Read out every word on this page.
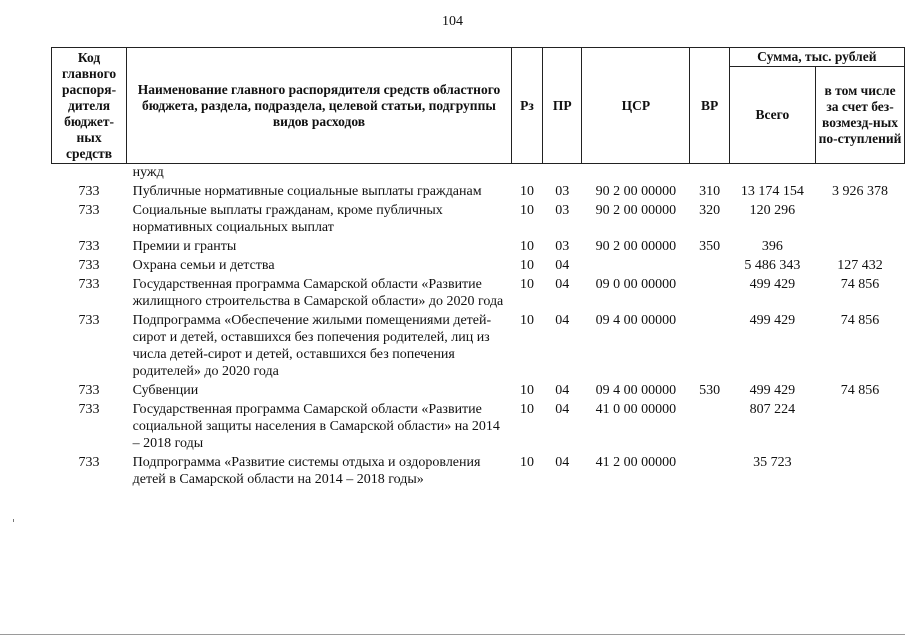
104
Код главного распоря-дителя бюджет-ных средств	Наименование главного распорядителя средств областного бюджета, раздела, подраздела, целевой статьи, подгруппы видов расходов	Рз	ПР	ЦСР	ВР	Сумма, тыс. рублей	
						Всего	в том числе за счет без-возмезд-ных по-ступлений
	нужд						
733	Публичные нормативные социальные выплаты гражданам	10	03	90 2 00 00000	310	13 174 154	3 926 378
733	Социальные выплаты гражданам, кроме публичных нормативных социальных выплат	10	03	90 2 00 00000	320	120 296	
733	Премии и гранты	10	03	90 2 00 00000	350	396	
733	Охрана семьи и детства	10	04			5 486 343	127 432
733	Государственная программа Самарской области «Развитие жилищного строительства в Самарской области» до 2020 года	10	04	09 0 00 00000		499 429	74 856
733	Подпрограмма «Обеспечение жилыми помещениями детей-сирот и детей, оставшихся без попечения родителей, лиц из числа детей-сирот и детей, оставшихся без попечения родителей» до 2020 года	10	04	09 4 00 00000		499 429	74 856
733	Субвенции	10	04	09 4 00 00000	530	499 429	74 856
733	Государственная программа Самарской области «Развитие социальной защиты населения в Самарской области» на 2014 – 2018 годы	10	04	41 0 00 00000		807 224	
733	Подпрограмма «Развитие системы отдыха и оздоровления детей в Самарской области на 2014 – 2018 годы»	10	04	41 2 00 00000		35 723	
